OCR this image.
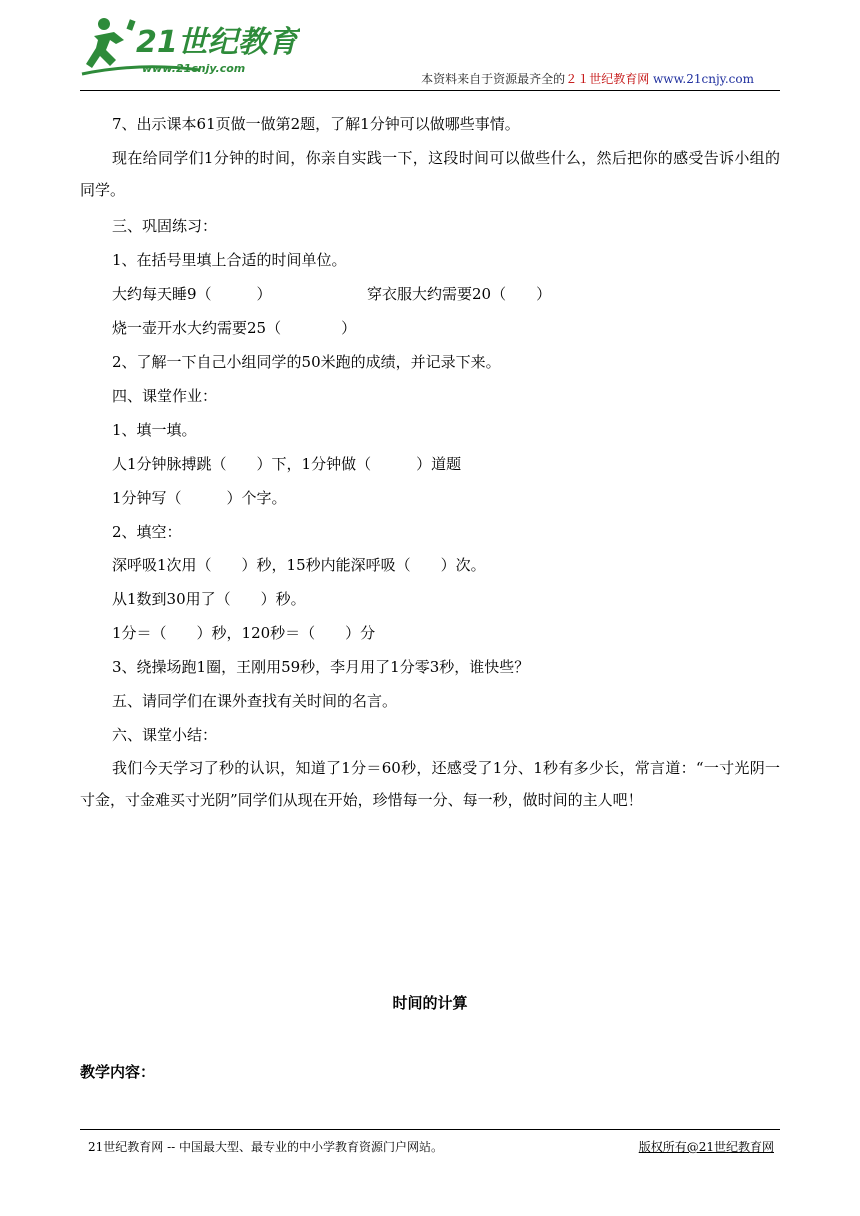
21世纪教育
www.21cnjy.com
本资料来自于资源最齐全的２１世纪教育网 www.21cnjy.com
7、出示课本61页做一做第2题，了解1分钟可以做哪些事情。
现在给同学们1分钟的时间，你亲自实践一下，这段时间可以做些什么，然后把你的感受告诉小组的同学。
三、巩固练习：
1、在括号里填上合适的时间单位。
大约每天睡9（　　　）	穿衣服大约需要20（　　）
烧一壶开水大约需要25（　　　　）
2、了解一下自己小组同学的50米跑的成绩，并记录下来。
四、课堂作业：
1、填一填。
人1分钟脉搏跳（　　）下，1分钟做（　　　）道题
1分钟写（　　　）个字。
2、填空：
深呼吸1次用（　　）秒，15秒内能深呼吸（　　）次。
从1数到30用了（　　）秒。
1分＝（　　）秒，120秒＝（　　）分
3、绕操场跑1圈，王刚用59秒，李月用了1分零3秒，谁快些？
五、请同学们在课外查找有关时间的名言。
六、课堂小结：
我们今天学习了秒的认识，知道了1分＝60秒，还感受了1分、1秒有多少长，常言道：“一寸光阴一寸金，寸金难买寸光阴”同学们从现在开始，珍惜每一分、每一秒，做时间的主人吧！
时间的计算
教学内容：
21世纪教育网 -- 中国最大型、最专业的中小学教育资源门户网站。	版权所有@21世纪教育网
